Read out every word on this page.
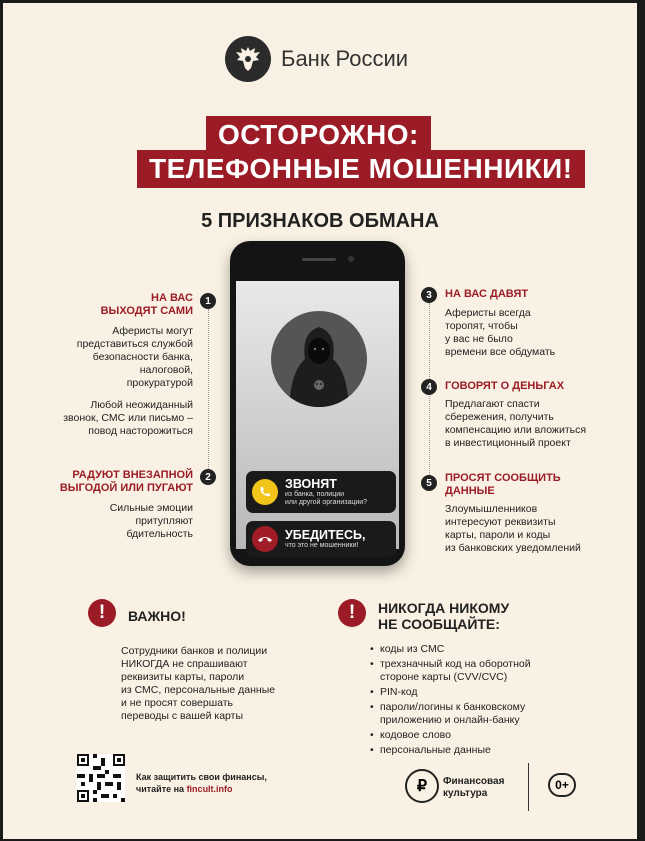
Банк России
ОСТОРОЖНО:
ТЕЛЕФОННЫЕ МОШЕННИКИ!
5 ПРИЗНАКОВ ОБМАНА
ЗВОНЯТ
из банка, полиции
или другой организации?
УБЕДИТЕСЬ,
что это не мошенники!
1
НА ВАС
ВЫХОДЯТ САМИ
Аферисты могут
представиться службой
безопасности банка,
налоговой,
прокуратурой
Любой неожиданный
звонок, СМС или письмо –
повод насторожиться
2
РАДУЮТ ВНЕЗАПНОЙ
ВЫГОДОЙ ИЛИ ПУГАЮТ
Сильные эмоции
притупляют
бдительность
3	НА ВАС ДАВЯТ
Аферисты всегда
торопят, чтобы
у вас не было
времени все обдумать
4	ГОВОРЯТ О ДЕНЬГАХ
Предлагают спасти
сбережения, получить
компенсацию или вложиться
в инвестиционный проект
5	ПРОСЯТ СООБЩИТЬ
ДАННЫЕ
Злоумышленников
интересуют реквизиты
карты, пароли и коды
из банковских уведомлений
!	ВАЖНО!
Сотрудники банков и полиции
НИКОГДА не спрашивают
реквизиты карты, пароли
из СМС, персональные данные
и не просят совершать
переводы с вашей карты
!	НИКОГДА НИКОМУ
НЕ СООБЩАЙТЕ:
• коды из СМС
• трехзначный код на оборотной стороне карты (CVV/CVC)
• PIN-код
• пароли/логины к банковскому приложению и онлайн-банку
• кодовое слово
• персональные данные
Как защитить свои финансы,
читайте на fincult.info	₽	Финансовая
культура
0+
